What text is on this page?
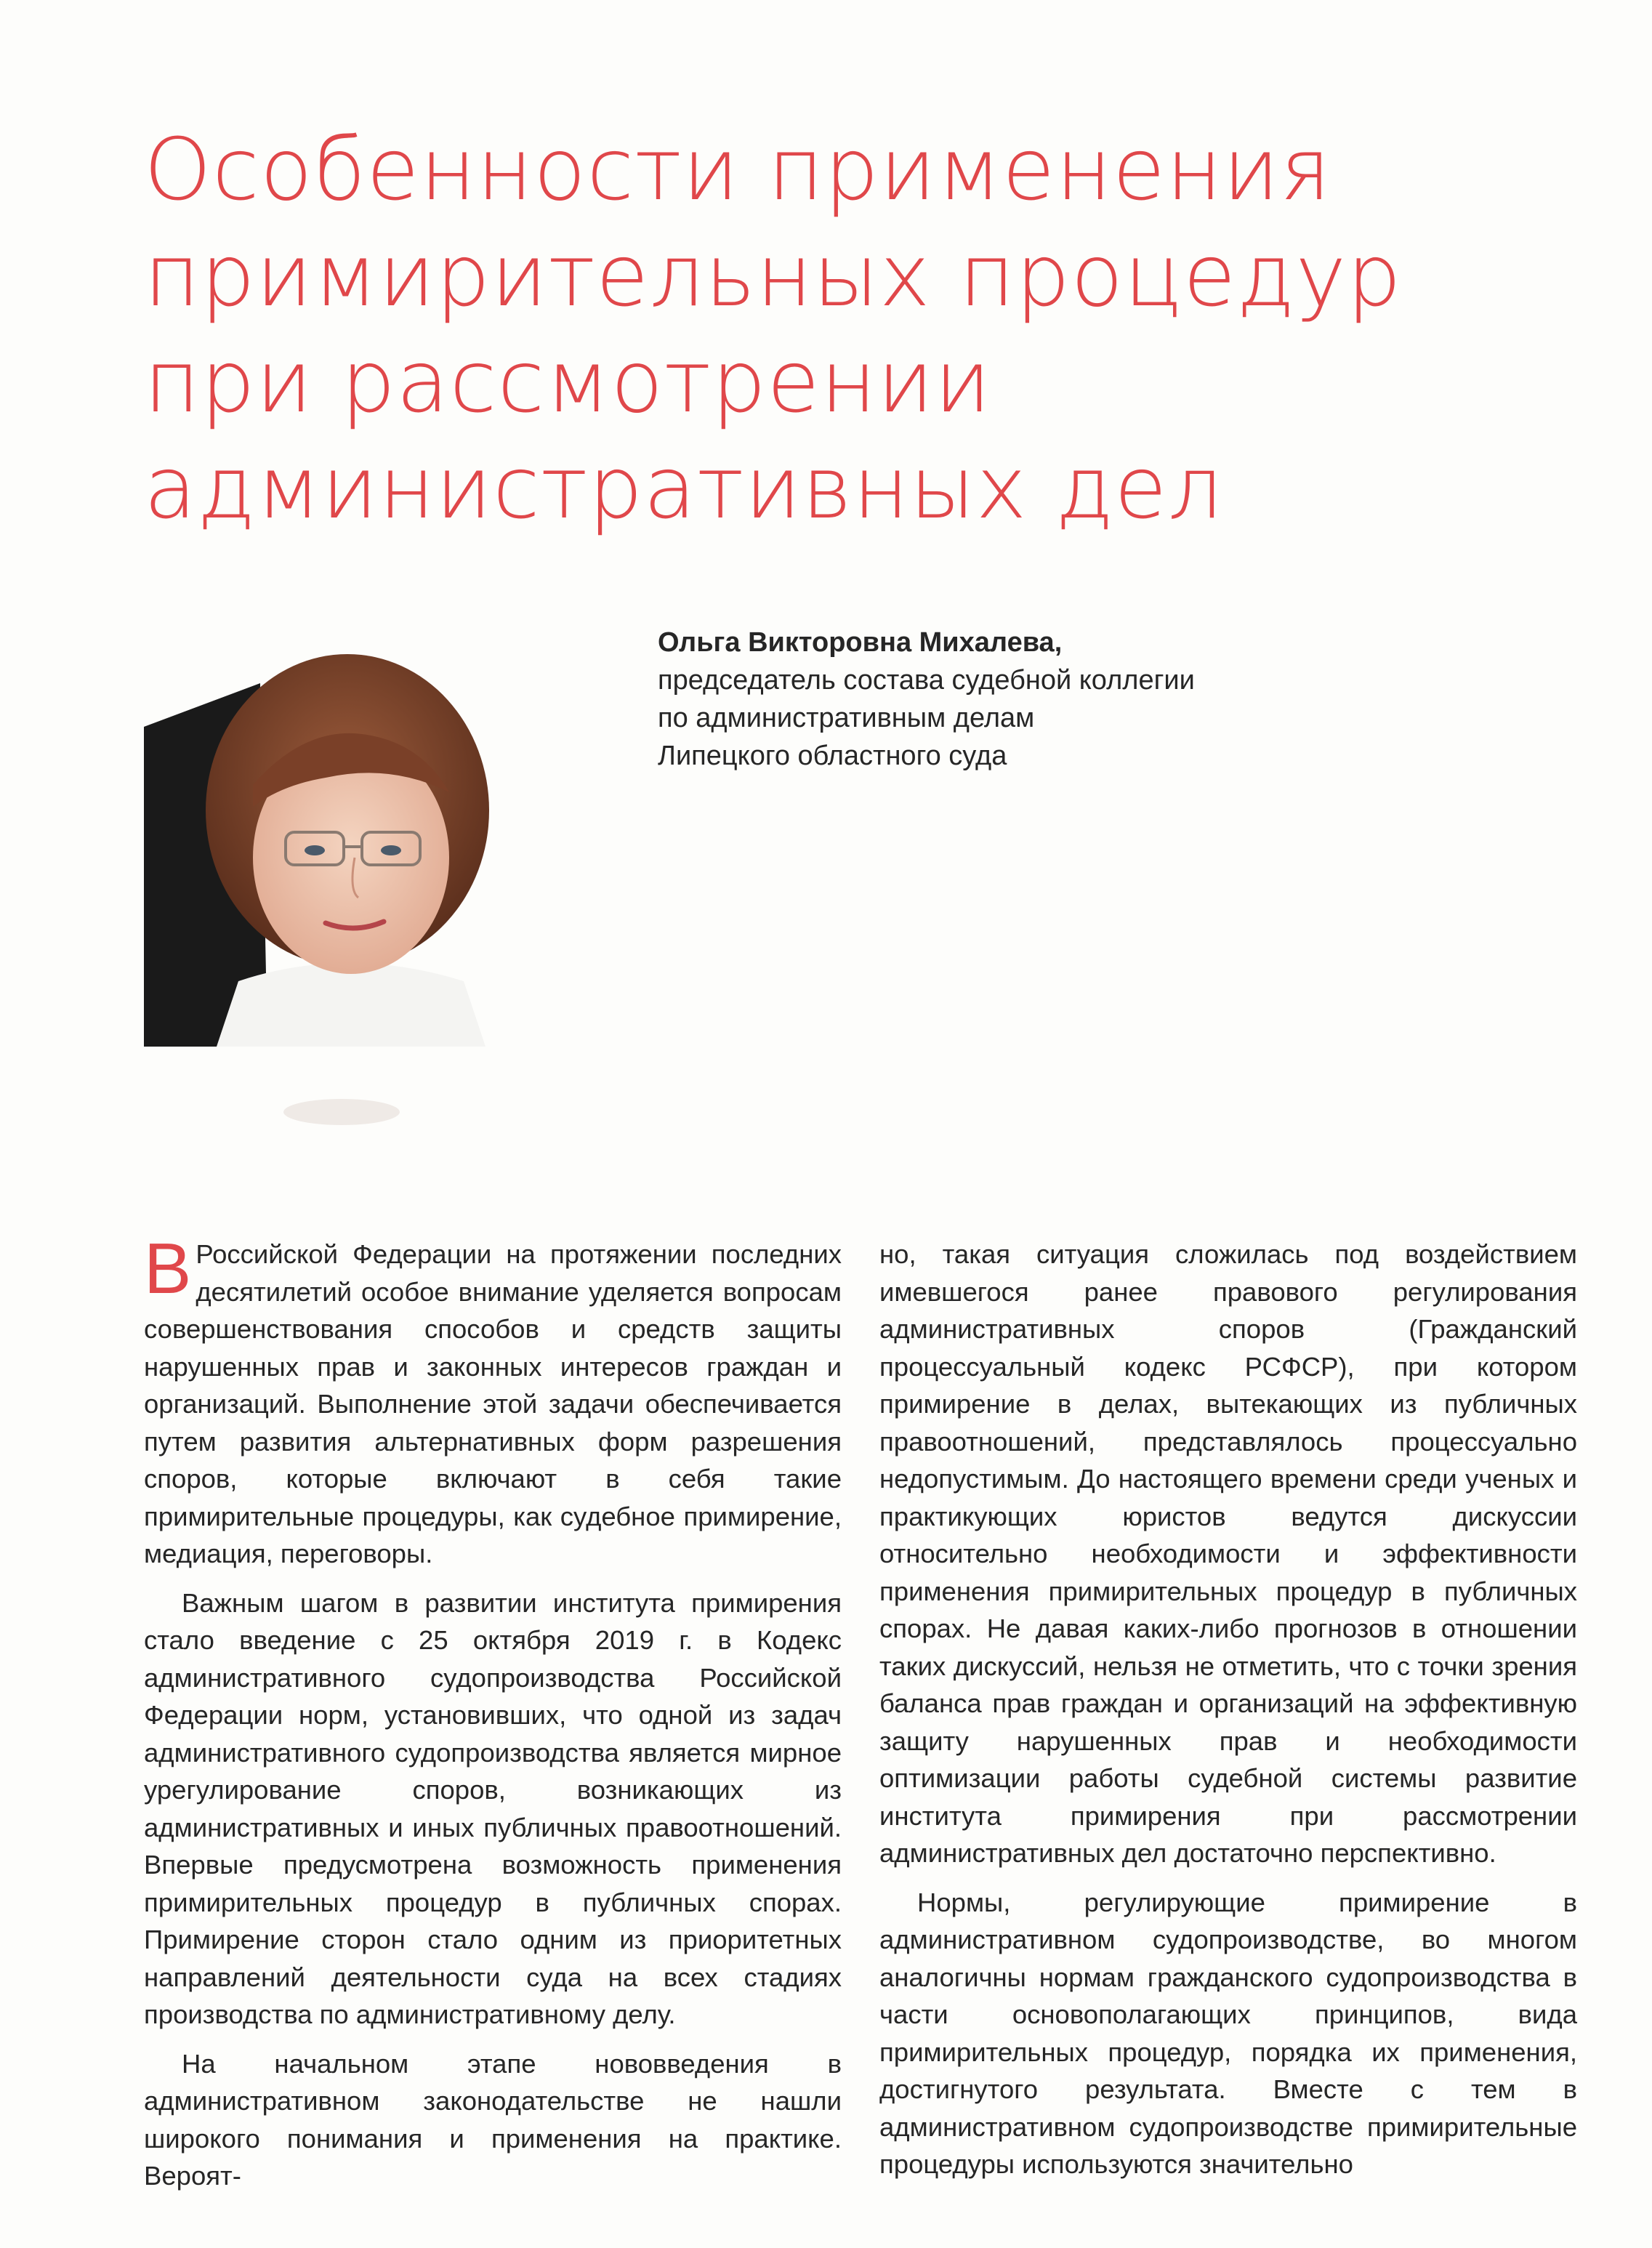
Особенности применения
примирительных процедур
при рассмотрении
административных дел
Ольга Викторовна Михалева,
председатель состава судебной коллегии
по административным делам
Липецкого областного суда

В Российской Федерации на протяжении последних десятилетий особое внимание уделяется вопросам совершенствования способов и средств защиты нарушенных прав и законных интересов граждан и организаций. Выполнение этой задачи обеспечивается путем развития альтернативных форм разрешения споров, которые включают в себя такие примирительные процедуры, как судебное примирение, медиация, переговоры.

Важным шагом в развитии института примирения стало введение с 25 октября 2019 г. в Кодекс административного судопроизводства Российской Федерации норм, установивших, что одной из задач административного судопроизводства является мирное урегулирование споров, возникающих из административных и иных публичных правоотношений. Впервые предусмотрена возможность применения примирительных процедур в публичных спорах. Примирение сторон стало одним из приоритетных направлений деятельности суда на всех стадиях производства по административному делу.

На начальном этапе нововведения в административном законодательстве не нашли широкого понимания и применения на практике. Вероят-

но, такая ситуация сложилась под воздействием имевшегося ранее правового регулирования административных споров (Гражданский процессуальный кодекс РСФСР), при котором примирение в делах, вытекающих из публичных правоотношений, представлялось процессуально недопустимым. До настоящего времени среди ученых и практикующих юристов ведутся дискуссии относительно необходимости и эффективности применения примирительных процедур в публичных спорах. Не давая каких-либо прогнозов в отношении таких дискуссий, нельзя не отметить, что с точки зрения баланса прав граждан и организаций на эффективную защиту нарушенных прав и необходимости оптимизации работы судебной системы развитие института примирения при рассмотрении административных дел достаточно перспективно.

Нормы, регулирующие примирение в административном судопроизводстве, во многом аналогичны нормам гражданского судопроизводства в части основополагающих принципов, вида примирительных процедур, порядка их применения, достигнутого результата. Вместе с тем в административном судопроизводстве примирительные процедуры используются значительно
